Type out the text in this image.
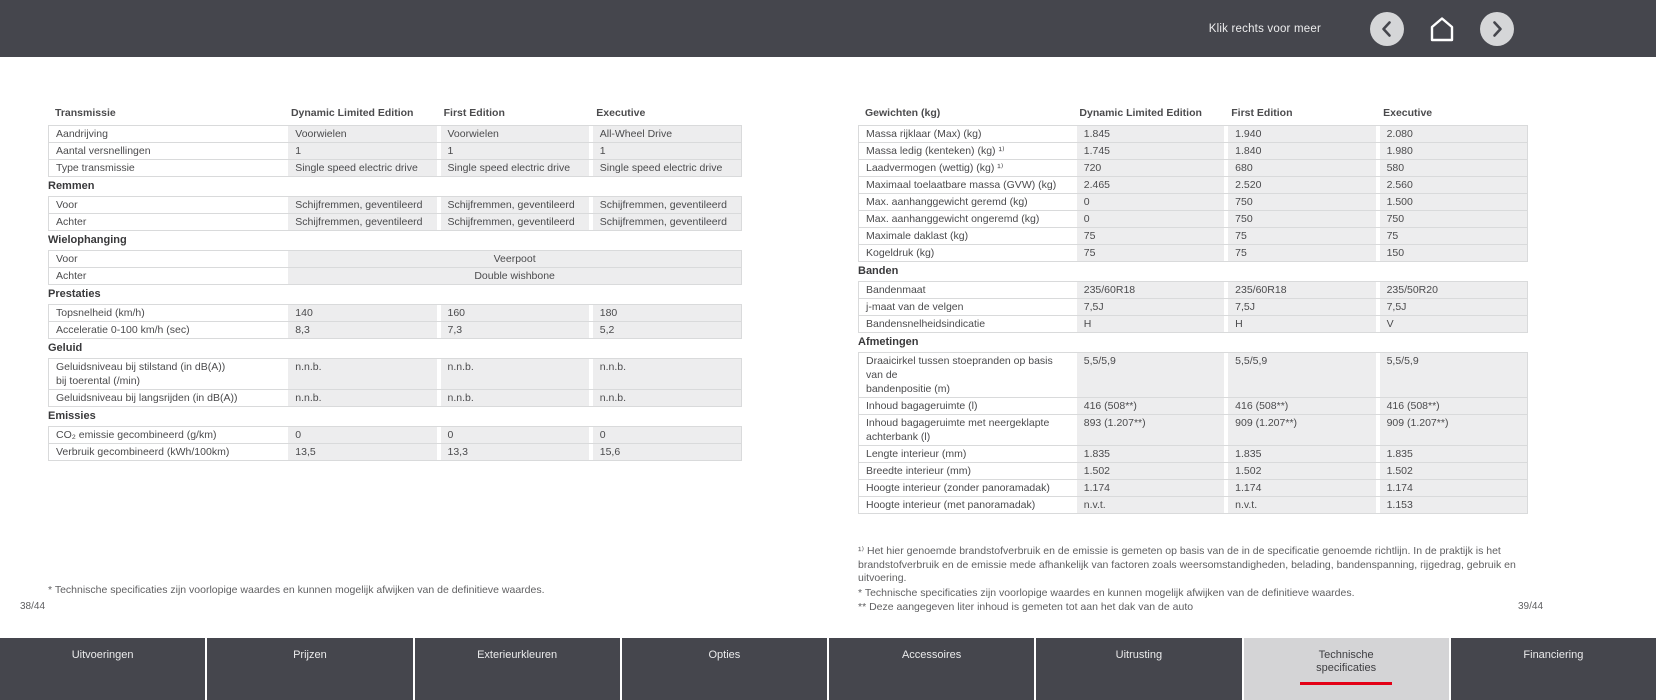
Klik rechts voor meer
Transmissie	Dynamic Limited Edition	First Edition	Executive
Aandrijving	Voorwielen	Voorwielen	All-Wheel Drive
Aantal versnellingen	1	1	1
Type transmissie	Single speed electric drive	Single speed electric drive	Single speed electric drive
Remmen
Voor	Schijfremmen, geventileerd	Schijfremmen, geventileerd	Schijfremmen, geventileerd
Achter	Schijfremmen, geventileerd	Schijfremmen, geventileerd	Schijfremmen, geventileerd
Wielophanging
Voor	Veerpoot
Achter	Double wishbone
Prestaties
Topsnelheid (km/h)	140	160	180
Acceleratie 0-100 km/h (sec)	8,3	7,3	5,2
Geluid
Geluidsniveau bij stilstand (in dB(A))
bij toerental (/min)
n.n.b.	n.n.b.	n.n.b.
Geluidsniveau bij langsrijden (in dB(A))	n.n.b.	n.n.b.	n.n.b.
Emissies
CO₂ emissie gecombineerd (g/km)	0	0	0
Verbruik gecombineerd (kWh/100km)	13,5	13,3	15,6
Gewichten (kg)	Dynamic Limited Edition	First Edition	Executive
Massa rijklaar (Max) (kg)	1.845	1.940	2.080
Massa ledig (kenteken) (kg) ¹⁾	1.745	1.840	1.980
Laadvermogen (wettig) (kg) ¹⁾	720	680	580
Maximaal toelaatbare massa (GVW) (kg)	2.465	2.520	2.560
Max. aanhanggewicht geremd (kg)	0	750	1.500
Max. aanhanggewicht ongeremd (kg)	0	750	750
Maximale daklast (kg)	75	75	75
Kogeldruk (kg)	75	75	150
Banden
Bandenmaat	235/60R18	235/60R18	235/50R20
j-maat van de velgen	7,5J	7,5J	7,5J
Bandensnelheidsindicatie	H	H	V
Afmetingen
Draaicirkel tussen stoepranden op basis van de
bandenpositie (m)
5,5/5,9	5,5/5,9	5,5/5,9
Inhoud bagageruimte (l)	416 (508**)	416 (508**)	416 (508**)
Inhoud bagageruimte met neergeklapte
achterbank (l)
893 (1.207**)	909 (1.207**)	909 (1.207**)
Lengte interieur (mm)	1.835	1.835	1.835
Breedte interieur (mm)	1.502	1.502	1.502
Hoogte interieur (zonder panoramadak)	1.174	1.174	1.174
Hoogte interieur (met panoramadak)	n.v.t.	n.v.t.	1.153
* Technische specificaties zijn voorlopige waardes en kunnen mogelijk afwijken van de definitieve waardes.
¹⁾ Het hier genoemde brandstofverbruik en de emissie is gemeten op basis van de in de specificatie genoemde richtlijn. In de praktijk is het brandstofverbruik en de emissie mede afhankelijk van factoren zoals weersomstandigheden, belading, bandenspanning, rijgedrag, gebruik en uitvoering.
* Technische specificaties zijn voorlopige waardes en kunnen mogelijk afwijken van de definitieve waardes.
** Deze aangegeven liter inhoud is gemeten tot aan het dak van de auto
38/44	39/44
Uitvoeringen	Prijzen	Exterieurkleuren	Opties	Accessoires	Uitrusting	Technische specificaties
Financiering
